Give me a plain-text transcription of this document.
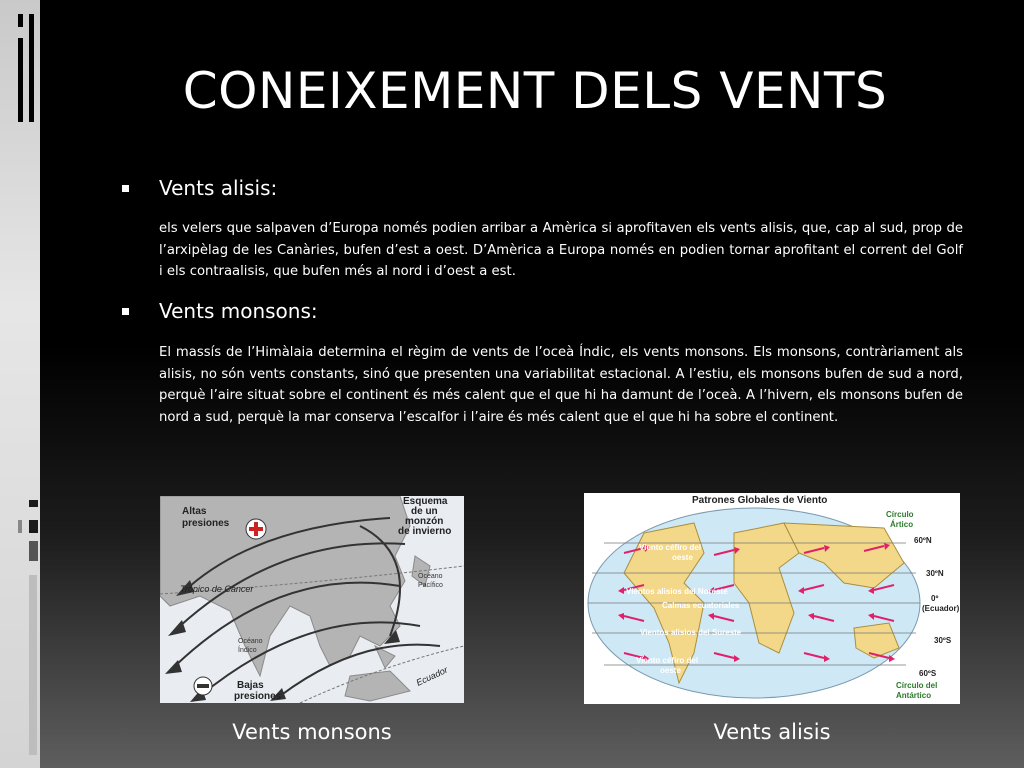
CONEIXEMENT DELS VENTS
Vents alisis:

els velers que salpaven d’Europa només podien arribar a Amèrica si aprofitaven els vents alisis, que, cap al sud, prop de l’arxipèlag de les Canàries, bufen d’est a oest. D’Amèrica a Europa només en podien tornar aprofitant el corrent del Golf i els contraalisis, que bufen més al nord i d’oest a est.

Vents monsons:

El massís de l’Himàlaia determina el règim de vents de l’oceà Índic, els vents monsons. Els monsons, contràriament als alisis, no són vents constants, sinó que presenten una variabilitat estacional. A l’estiu, els monsons bufen de sud a nord, perquè l’aire situat sobre el continent és més calent que el que hi ha damunt de l’oceà. A l’hivern, els monsons bufen de nord a sud, perquè la mar conserva l’escalfor i l’aire és més calent que el que hi ha sobre el continent.

Altas
presiones
Esquema
de un
monzón
de invierno
Trópico de Cáncer
Océano
Pacífico
Océano
Índico
Bajas
presiones
Ecuador
Patrones Globales de Viento
Viento céfiro del
oeste
Vientos alisios del Noreste
Calmas ecuatoriales
Vientos alisios del Sureste
Viento céfiro del
oeste
Círculo
Ártico
60ºN
30ºN
0º
(Ecuador)
30ºS
60ºS
Círculo del
Antártico
Vents monsons	Vents alisis
